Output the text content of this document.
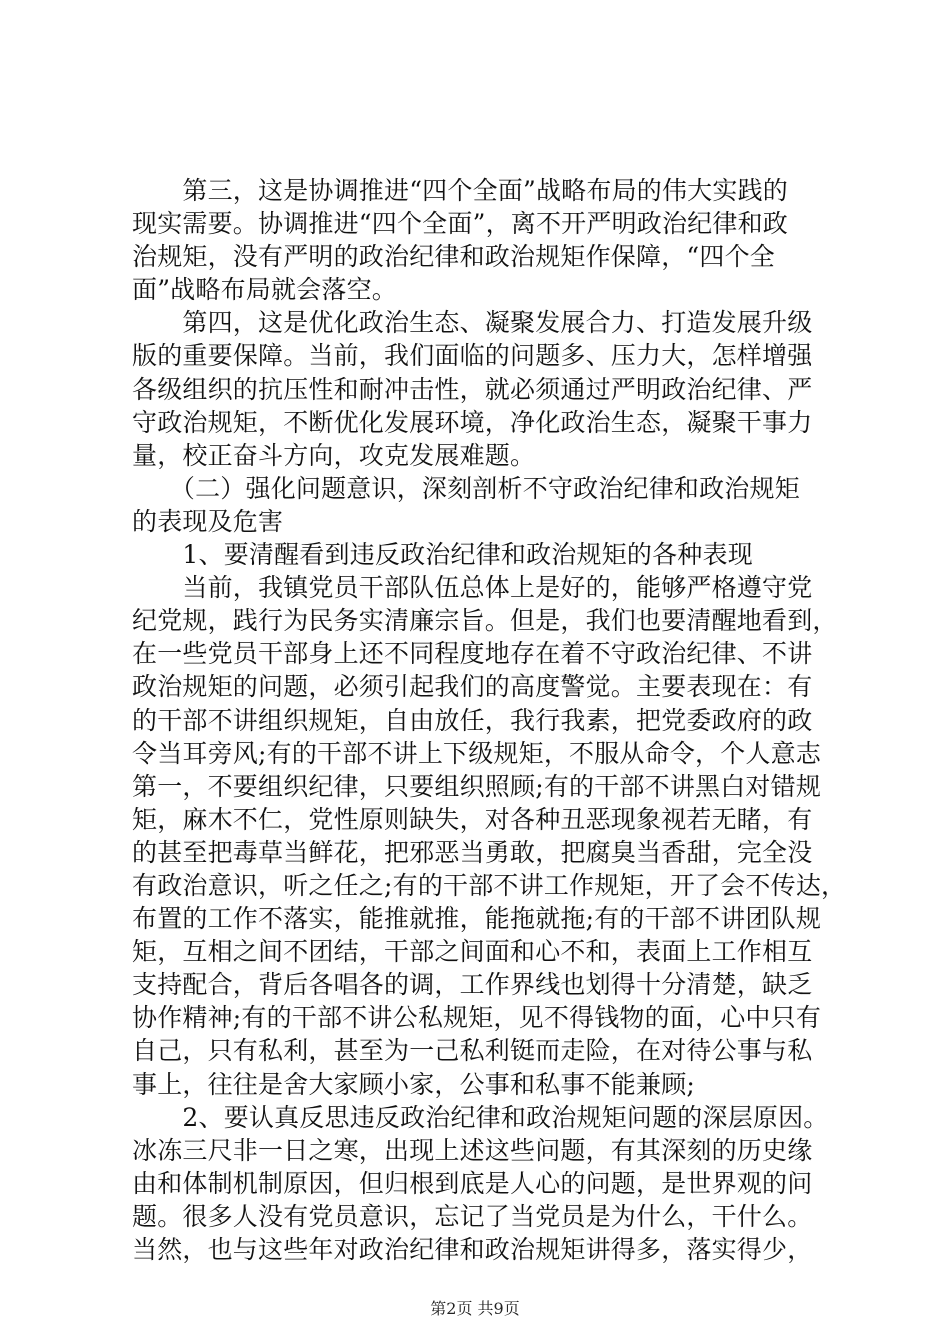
　　第三，这是协调推进“四个全面”战略布局的伟大实践的
现实需要。协调推进“四个全面”，离不开严明政治纪律和政
治规矩，没有严明的政治纪律和政治规矩作保障，“四个全
面”战略布局就会落空。
　　第四，这是优化政治生态、凝聚发展合力、打造发展升级
版的重要保障。当前，我们面临的问题多、压力大，怎样增强
各级组织的抗压性和耐冲击性，就必须通过严明政治纪律、严
守政治规矩，不断优化发展环境，净化政治生态，凝聚干事力
量，校正奋斗方向，攻克发展难题。
　　（二）强化问题意识，深刻剖析不守政治纪律和政治规矩
的表现及危害
　　1、要清醒看到违反政治纪律和政治规矩的各种表现
　　当前，我镇党员干部队伍总体上是好的，能够严格遵守党
纪党规，践行为民务实清廉宗旨。但是，我们也要清醒地看到，
在一些党员干部身上还不同程度地存在着不守政治纪律、不讲
政治规矩的问题，必须引起我们的高度警觉。主要表现在：有
的干部不讲组织规矩，自由放任，我行我素，把党委政府的政
令当耳旁风;有的干部不讲上下级规矩，不服从命令，个人意志
第一，不要组织纪律，只要组织照顾;有的干部不讲黑白对错规
矩，麻木不仁，党性原则缺失，对各种丑恶现象视若无睹，有
的甚至把毒草当鲜花，把邪恶当勇敢，把腐臭当香甜，完全没
有政治意识，听之任之;有的干部不讲工作规矩，开了会不传达，
布置的工作不落实，能推就推，能拖就拖;有的干部不讲团队规
矩，互相之间不团结，干部之间面和心不和，表面上工作相互
支持配合，背后各唱各的调，工作界线也划得十分清楚，缺乏
协作精神;有的干部不讲公私规矩，见不得钱物的面，心中只有
自己，只有私利，甚至为一己私利铤而走险，在对待公事与私
事上，往往是舍大家顾小家，公事和私事不能兼顾;
　　2、要认真反思违反政治纪律和政治规矩问题的深层原因。
冰冻三尺非一日之寒，出现上述这些问题，有其深刻的历史缘
由和体制机制原因，但归根到底是人心的问题，是世界观的问
题。很多人没有党员意识，忘记了当党员是为什么，干什么。
当然，也与这些年对政治纪律和政治规矩讲得多，落实得少，
第2页 共9页
